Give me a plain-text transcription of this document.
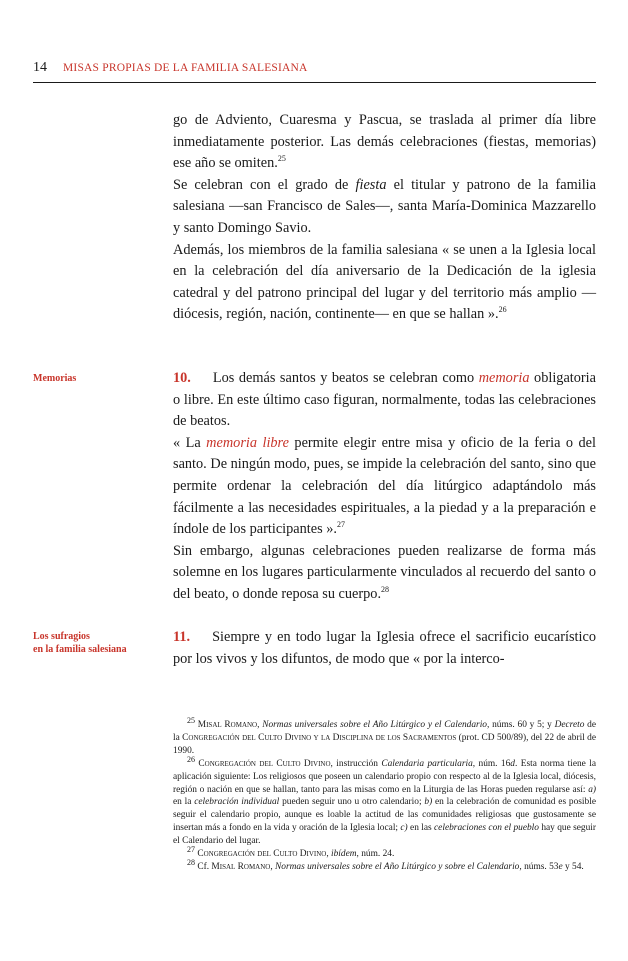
14 MISAS PROPIAS DE LA FAMILIA SALESIANA
Memorias
Los sufragios
en la familia salesiana

go de Adviento, Cuaresma y Pascua, se traslada al primer día libre inmediatamente posterior. Las demás celebraciones (fiestas, memorias) ese año se omiten.$^{25}$

Se celebran con el grado de fiesta el titular y patrono de la familia salesiana —san Francisco de Sales—, santa María-Dominica Mazzarello y santo Domingo Savio.

Además, los miembros de la familia salesiana « se unen a la Iglesia local en la celebración del día aniversario de la Dedicación de la iglesia catedral y del patrono principal del lugar y del territorio más amplio —diócesis, región, nación, continente— en que se hallan ».$^{26}$

10. Los demás santos y beatos se celebran como memoria obligatoria o libre. En este último caso figuran, normalmente, todas las celebraciones de beatos.

« La memoria libre permite elegir entre misa y oficio de la feria o del santo. De ningún modo, pues, se impide la celebración del santo, sino que permite ordenar la celebración del día litúrgico adaptándolo más fácilmente a las necesidades espirituales, a la piedad y a la preparación e índole de los participantes ».$^{27}$

Sin embargo, algunas celebraciones pueden realizarse de forma más solemne en los lugares particularmente vinculados al recuerdo del santo o del beato, o donde reposa su cuerpo.$^{28}$

11. Siempre y en todo lugar la Iglesia ofrece el sacrificio eucarístico por los vivos y los difuntos, de modo que « por la interco-

$^{25}$ Misal Romano, Normas universales sobre el Año Litúrgico y el Calendario, núms. 60 y 5; y Decreto de la Congregación del Culto Divino y la Disciplina de los Sacramentos (prot. CD 500/89), del 22 de abril de 1990.

$^{26}$ Congregación del Culto Divino, instrucción Calendaria particularia, núm. 16d. Esta norma tiene la aplicación siguiente: Los religiosos que poseen un calendario propio con respecto al de la Iglesia local, diócesis, región o nación en que se hallan, tanto para las misas como en la Liturgia de las Horas pueden regularse así: a) en la celebración individual pueden seguir uno u otro calendario; b) en la celebración de comunidad es posible seguir el calendario propio, aunque es loable la actitud de las comunidades religiosas que gustosamente se insertan más a fondo en la vida y oración de la Iglesia local; c) en las celebraciones con el pueblo hay que seguir el Calendario del lugar.

$^{27}$ Congregación del Culto Divino, ibídem, núm. 24.

$^{28}$ Cf. Misal Romano, Normas universales sobre el Año Litúrgico y sobre el Calendario, núms. 53e y 54.
